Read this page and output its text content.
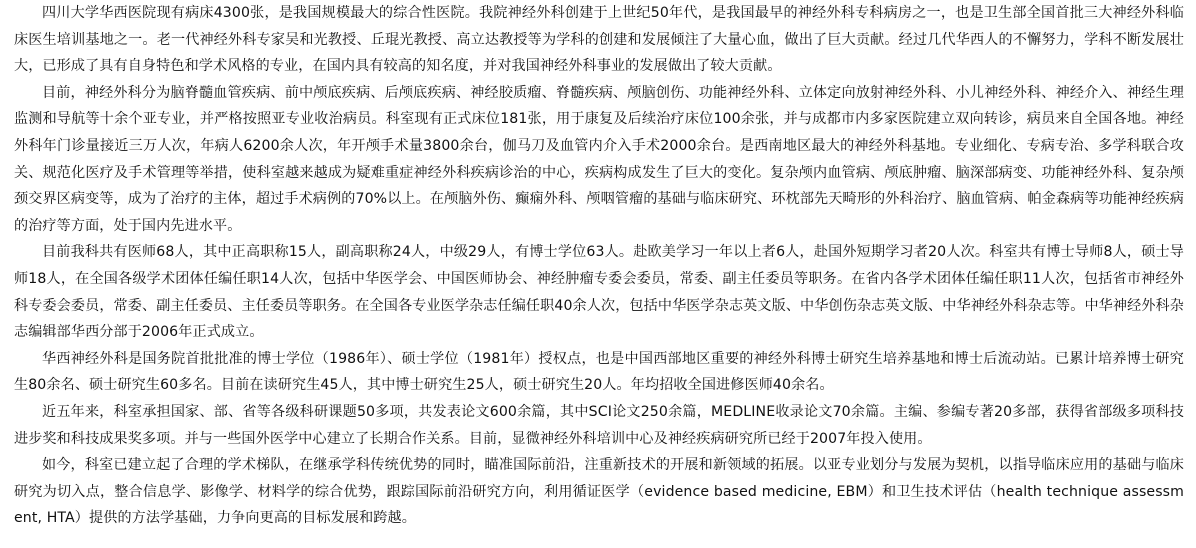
四川大学华西医院现有病床4300张，是我国规模最大的综合性医院。我院神经外科创建于上世纪50年代，是我国最早的神经外科专科病房之一，也是卫生部全国首批三大神经外科临床医生培训基地之一。老一代神经外科专家吴和光教授、丘琨光教授、高立达教授等为学科的创建和发展倾注了大量心血，做出了巨大贡献。经过几代华西人的不懈努力，学科不断发展壮大，已形成了具有自身特色和学术风格的专业，在国内具有较高的知名度，并对我国神经外科事业的发展做出了较大贡献。

目前，神经外科分为脑脊髓血管疾病、前中颅底疾病、后颅底疾病、神经胶质瘤、脊髓疾病、颅脑创伤、功能神经外科、立体定向放射神经外科、小儿神经外科、神经介入、神经生理监测和导航等十余个亚专业，并严格按照亚专业收治病员。科室现有正式床位181张，用于康复及后续治疗床位100余张，并与成都市内多家医院建立双向转诊，病员来自全国各地。神经外科年门诊量接近三万人次，年病人6200余人次，年开颅手术量3800余台，伽马刀及血管内介入手术2000余台。是西南地区最大的神经外科基地。专业细化、专病专治、多学科联合攻关、规范化医疗及手术管理等举措，使科室越来越成为疑难重症神经外科疾病诊治的中心，疾病构成发生了巨大的变化。复杂颅内血管病、颅底肿瘤、脑深部病变、功能神经外科、复杂颅颈交界区病变等，成为了治疗的主体，超过手术病例的70%以上。在颅脑外伤、癫痫外科、颅咽管瘤的基础与临床研究、环枕部先天畸形的外科治疗、脑血管病、帕金森病等功能神经疾病的治疗等方面，处于国内先进水平。

目前我科共有医师68人，其中正高职称15人，副高职称24人，中级29人，有博士学位63人。赴欧美学习一年以上者6人，赴国外短期学习者20人次。科室共有博士导师8人，硕士导师18人，在全国各级学术团体任编任职14人次，包括中华医学会、中国医师协会、神经肿瘤专委会委员，常委、副主任委员等职务。在省内各学术团体任编任职11人次，包括省市神经外科专委会委员，常委、副主任委员、主任委员等职务。在全国各专业医学杂志任编任职40余人次，包括中华医学杂志英文版、中华创伤杂志英文版、中华神经外科杂志等。中华神经外科杂志编辑部华西分部于2006年正式成立。

华西神经外科是国务院首批批准的博士学位（1986年）、硕士学位（1981年）授权点，也是中国西部地区重要的神经外科博士研究生培养基地和博士后流动站。已累计培养博士研究生80余名、硕士研究生60多名。目前在读研究生45人，其中博士研究生25人，硕士研究生20人。年均招收全国进修医师40余名。

近五年来，科室承担国家、部、省等各级科研课题50多项，共发表论文600余篇，其中SCI论文250余篇，MEDLINE收录论文70余篇。主编、参编专著20多部，获得省部级多项科技进步奖和科技成果奖多项。并与一些国外医学中心建立了长期合作关系。目前，显微神经外科培训中心及神经疾病研究所已经于2007年投入使用。

如今，科室已建立起了合理的学术梯队，在继承学科传统优势的同时，瞄准国际前沿，注重新技术的开展和新领域的拓展。以亚专业划分与发展为契机，以指导临床应用的基础与临床研究为切入点，整合信息学、影像学、材料学的综合优势，跟踪国际前沿研究方向，利用循证医学（evidence based medicine, EBM）和卫生技术评估（health technique assessment, HTA）提供的方法学基础，力争向更高的目标发展和跨越。
